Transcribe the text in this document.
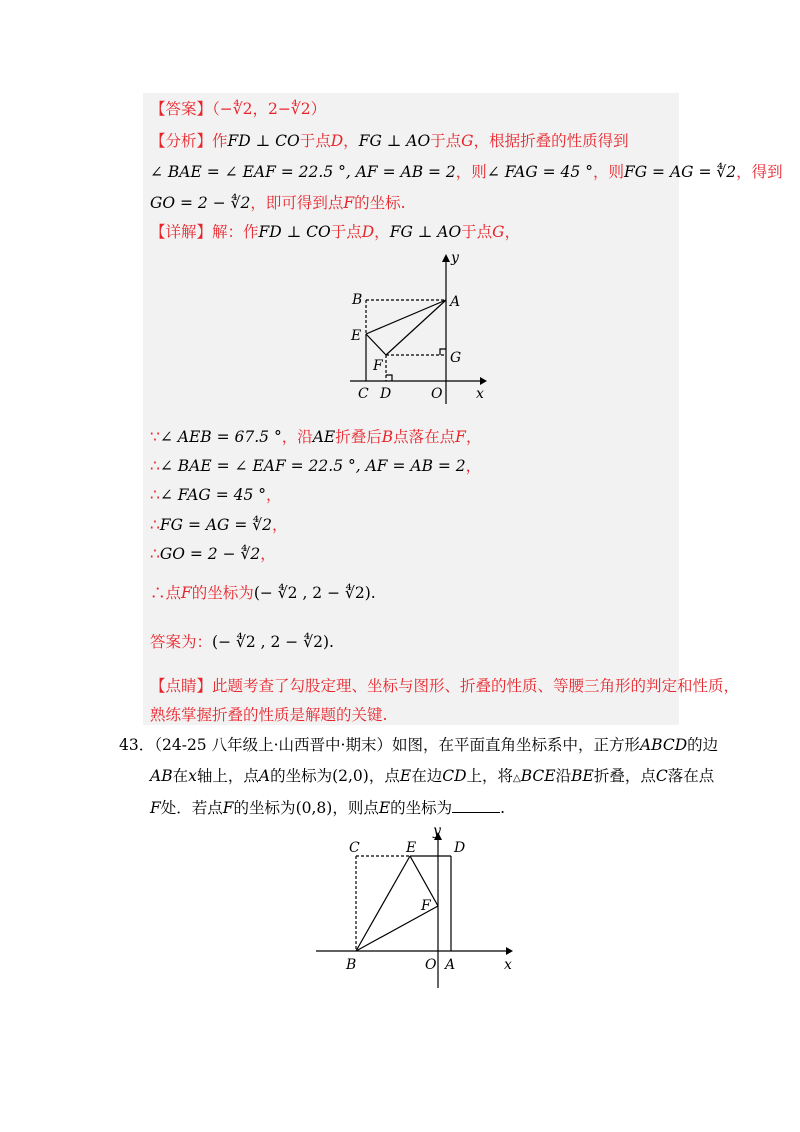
【答案】（−∜2，2−∜2）
【分析】作FD ⊥ CO于点D，FG ⊥ AO于点G，根据折叠的性质得到
∠ BAE = ∠ EAF = 22.5 °, AF = AB = 2，则∠ FAG = 45 °，则FG = AG = ∜2，得到
GO = 2 − ∜2，即可得到点F的坐标.
【详解】解：作FD ⊥ CO于点D，FG ⊥ AO于点G，
y
x
A
B
E
F	G
C D	O
∵∠ AEB = 67.5 °，沿AE折叠后B点落在点F，
∴∠ BAE = ∠ EAF = 22.5 °, AF = AB = 2，
∴∠ FAG = 45 °，
∴FG = AG = ∜2，
∴GO = 2 − ∜2，
∴点F的坐标为(− ∜2 , 2 − ∜2).
答案为：(− ∜2 , 2 − ∜2).
【点睛】此题考查了勾股定理、坐标与图形、折叠的性质、等腰三角形的判定和性质，
熟练掌握折叠的性质是解题的关键.
43．（24-25 八年级上·山西晋中·期末）如图，在平面直角坐标系中，正方形ABCD的边
AB在x轴上，点A的坐标为(2,0)，点E在边CD上，将△BCE沿BE折叠，点C落在点
F处．若点F的坐标为(0,8)，则点E的坐标为	.
y
x
C	E	D
F
B	O A
